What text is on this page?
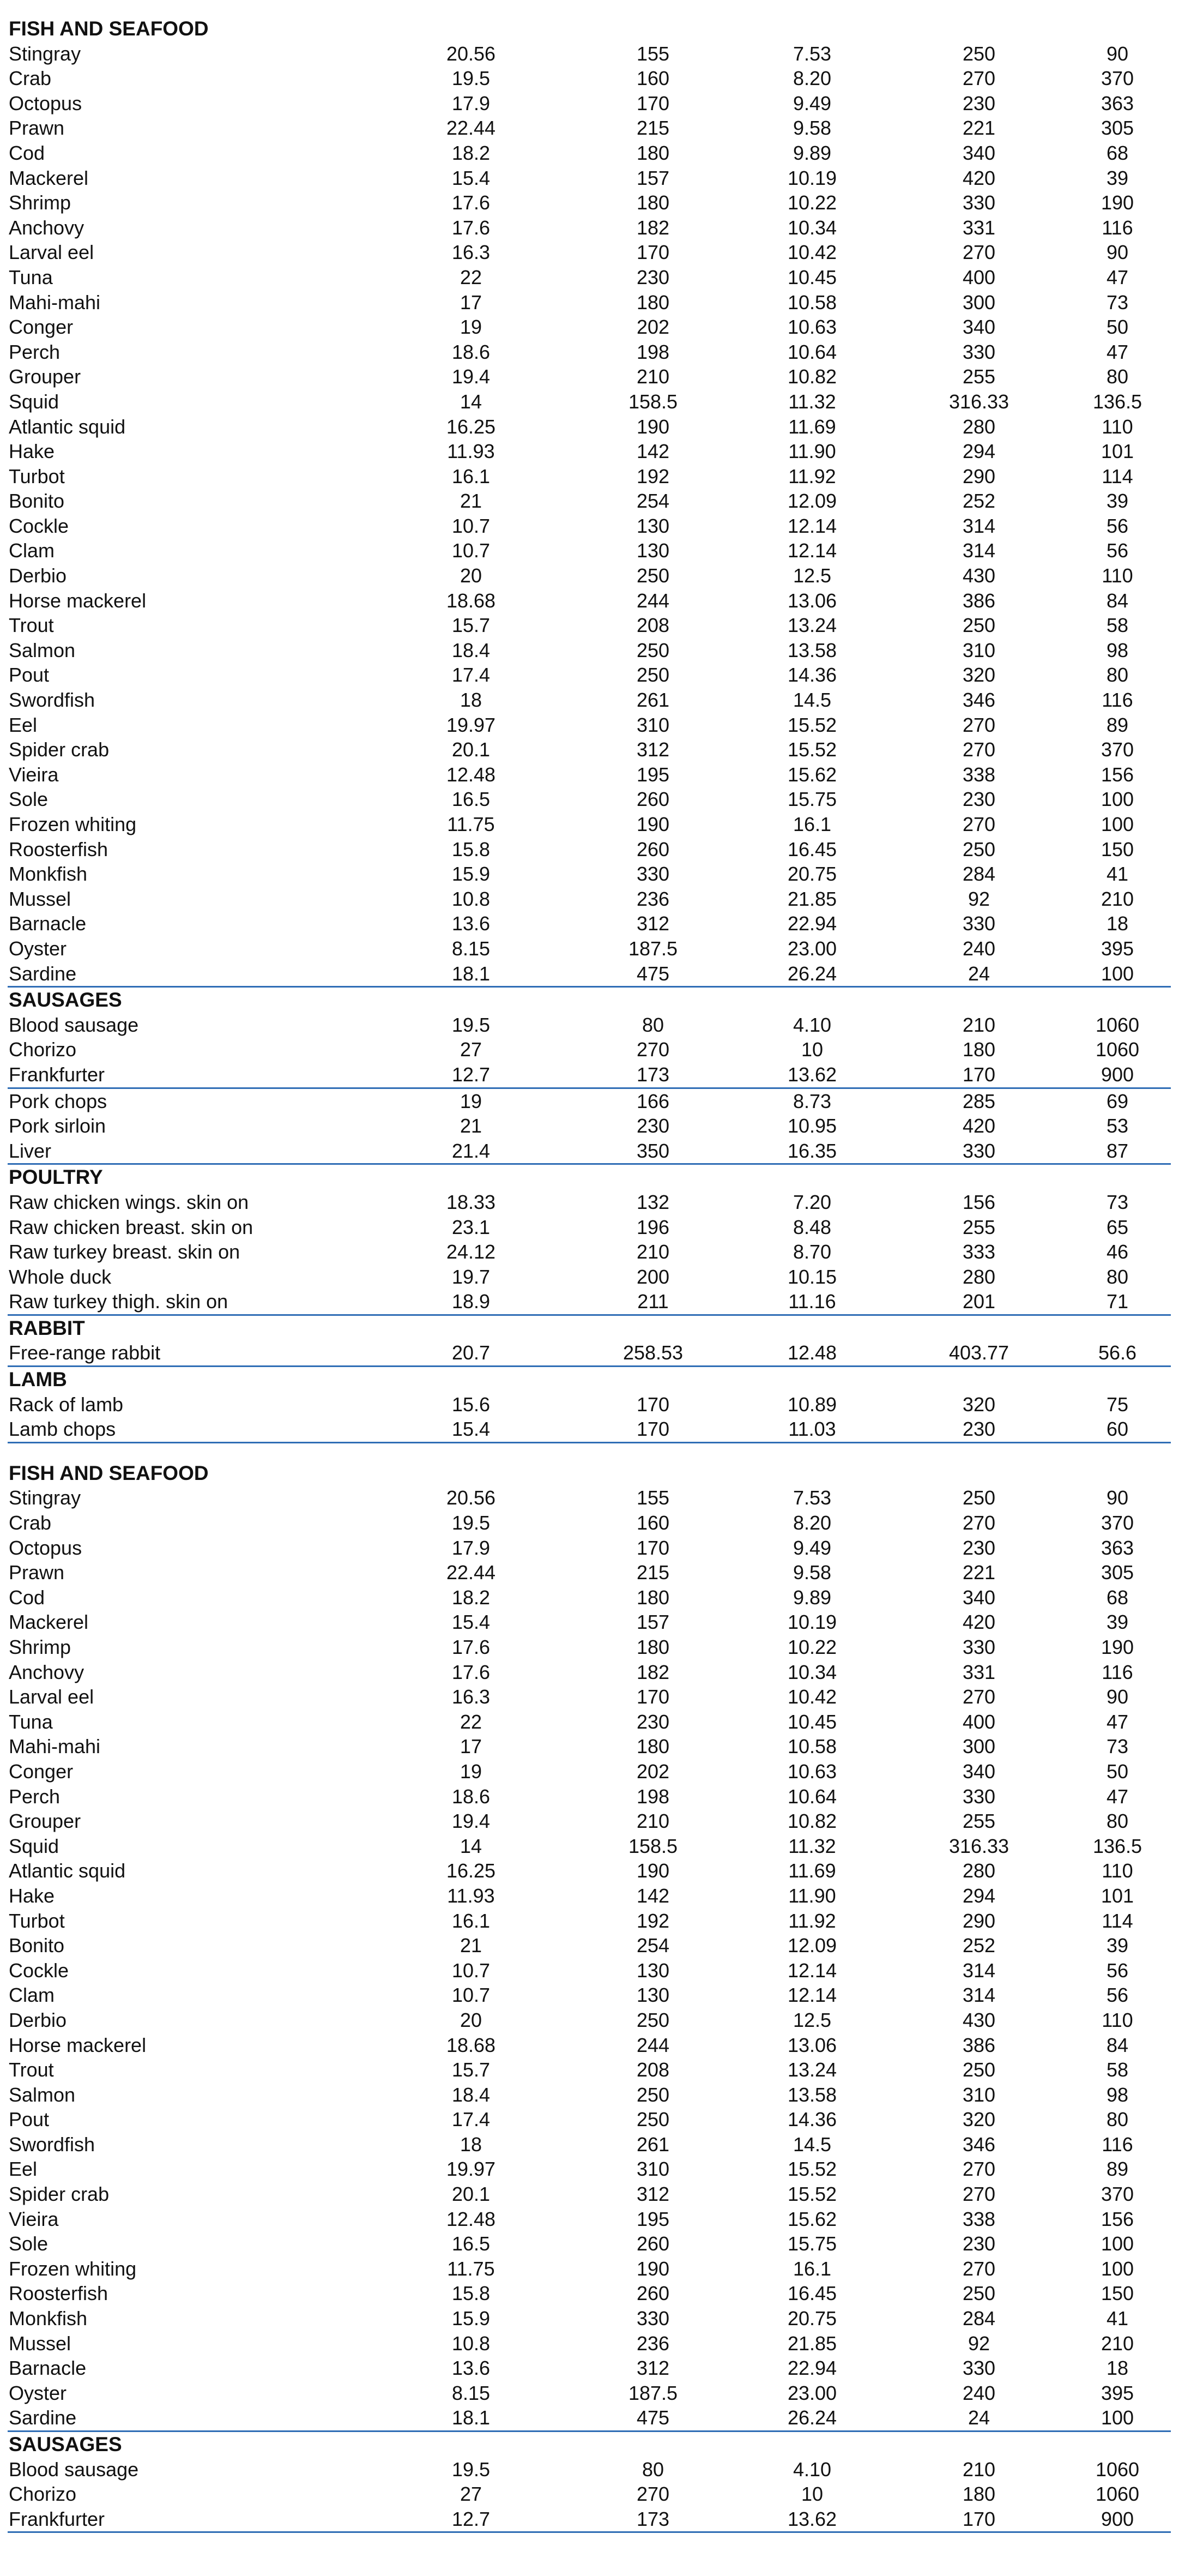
FISH AND SEAFOOD
Stingray	20.56	155	7.53	250	90
Crab	19.5	160	8.20	270	370
Octopus	17.9	170	9.49	230	363
Prawn	22.44	215	9.58	221	305
Cod	18.2	180	9.89	340	68
Mackerel	15.4	157	10.19	420	39
Shrimp	17.6	180	10.22	330	190
Anchovy	17.6	182	10.34	331	116
Larval eel	16.3	170	10.42	270	90
Tuna	22	230	10.45	400	47
Mahi-mahi	17	180	10.58	300	73
Conger	19	202	10.63	340	50
Perch	18.6	198	10.64	330	47
Grouper	19.4	210	10.82	255	80
Squid	14	158.5	11.32	316.33	136.5
Atlantic squid	16.25	190	11.69	280	110
Hake	11.93	142	11.90	294	101
Turbot	16.1	192	11.92	290	114
Bonito	21	254	12.09	252	39
Cockle	10.7	130	12.14	314	56
Clam	10.7	130	12.14	314	56
Derbio	20	250	12.5	430	110
Horse mackerel	18.68	244	13.06	386	84
Trout	15.7	208	13.24	250	58
Salmon	18.4	250	13.58	310	98
Pout	17.4	250	14.36	320	80
Swordfish	18	261	14.5	346	116
Eel	19.97	310	15.52	270	89
Spider crab	20.1	312	15.52	270	370
Vieira	12.48	195	15.62	338	156
Sole	16.5	260	15.75	230	100
Frozen whiting	11.75	190	16.1	270	100
Roosterfish	15.8	260	16.45	250	150
Monkfish	15.9	330	20.75	284	41
Mussel	10.8	236	21.85	92	210
Barnacle	13.6	312	22.94	330	18
Oyster	8.15	187.5	23.00	240	395
Sardine	18.1	475	26.24	24	100
SAUSAGES
Blood sausage	19.5	80	4.10	210	1060
Chorizo	27	270	10	180	1060
Frankfurter	12.7	173	13.62	170	900
Pork chops	19	166	8.73	285	69
Pork sirloin	21	230	10.95	420	53
Liver	21.4	350	16.35	330	87
POULTRY
Raw chicken wings. skin on	18.33	132	7.20	156	73
Raw chicken breast. skin on	23.1	196	8.48	255	65
Raw turkey breast. skin on	24.12	210	8.70	333	46
Whole duck	19.7	200	10.15	280	80
Raw turkey thigh. skin on	18.9	211	11.16	201	71
RABBIT
Free-range rabbit	20.7	258.53	12.48	403.77	56.6
LAMB
Rack of lamb	15.6	170	10.89	320	75
Lamb chops	15.4	170	11.03	230	60
FISH AND SEAFOOD
Stingray	20.56	155	7.53	250	90
Crab	19.5	160	8.20	270	370
Octopus	17.9	170	9.49	230	363
Prawn	22.44	215	9.58	221	305
Cod	18.2	180	9.89	340	68
Mackerel	15.4	157	10.19	420	39
Shrimp	17.6	180	10.22	330	190
Anchovy	17.6	182	10.34	331	116
Larval eel	16.3	170	10.42	270	90
Tuna	22	230	10.45	400	47
Mahi-mahi	17	180	10.58	300	73
Conger	19	202	10.63	340	50
Perch	18.6	198	10.64	330	47
Grouper	19.4	210	10.82	255	80
Squid	14	158.5	11.32	316.33	136.5
Atlantic squid	16.25	190	11.69	280	110
Hake	11.93	142	11.90	294	101
Turbot	16.1	192	11.92	290	114
Bonito	21	254	12.09	252	39
Cockle	10.7	130	12.14	314	56
Clam	10.7	130	12.14	314	56
Derbio	20	250	12.5	430	110
Horse mackerel	18.68	244	13.06	386	84
Trout	15.7	208	13.24	250	58
Salmon	18.4	250	13.58	310	98
Pout	17.4	250	14.36	320	80
Swordfish	18	261	14.5	346	116
Eel	19.97	310	15.52	270	89
Spider crab	20.1	312	15.52	270	370
Vieira	12.48	195	15.62	338	156
Sole	16.5	260	15.75	230	100
Frozen whiting	11.75	190	16.1	270	100
Roosterfish	15.8	260	16.45	250	150
Monkfish	15.9	330	20.75	284	41
Mussel	10.8	236	21.85	92	210
Barnacle	13.6	312	22.94	330	18
Oyster	8.15	187.5	23.00	240	395
Sardine	18.1	475	26.24	24	100
SAUSAGES
Blood sausage	19.5	80	4.10	210	1060
Chorizo	27	270	10	180	1060
Frankfurter	12.7	173	13.62	170	900
